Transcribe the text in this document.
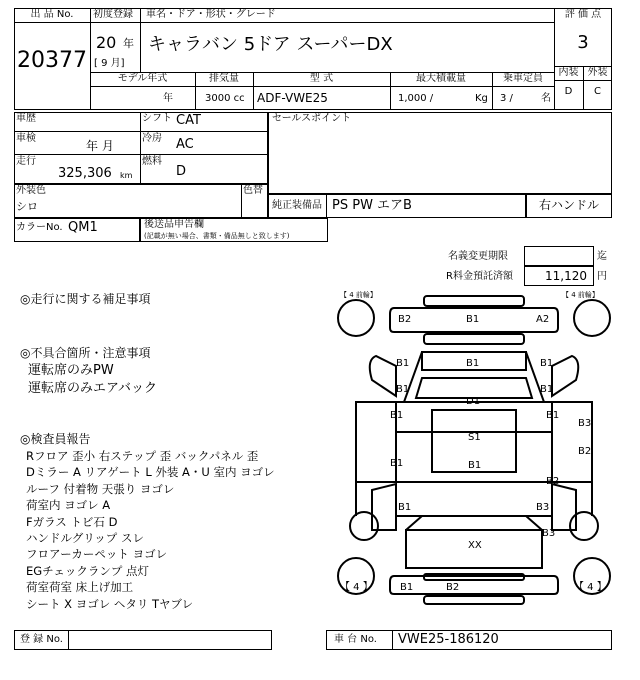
出 品 No.
20377
初度登録
20 年
[ 9 月]
車名・ドア・形状・グレード
キャラバン 5ドア スーパーDX
評 価 点
3
内装 外装
D	C
モデル年式
年
排気量
3000 cc
型 式
ADF-VWE25
最大積載量
1,000 /	Kg
乗車定員
3 /	名
車歴
車検
年 月
走行
325,306 km
シフト CAT
冷房 AC
燃料
D
セールスポイント
外装色
シロ
色替
純正装備品 PS PW エアB	右ハンドル
カラーNo. QM1	後送品申告欄
(記載が無い場合、書類・備品無しと致します)
名義変更期限	迄
R料金預託済額	11,120 円
◎走行に関する補足事項
◎不具合箇所・注意事項
運転席のみPW
運転席のみエアバック
◎検査員報告
Rフロア 歪小 右ステップ 歪 バックパネル 歪
Dミラー A リアゲート L 外装 A・U 室内 ヨゴレ
ルーフ 付着物 天張り ヨゴレ
荷室内 ヨゴレ A
Fガラス トビ石 D
ハンドルグリップ スレ
フロアーカーペット ヨゴレ
EGチェックランプ 点灯
荷室荷室 床上げ加工
シート X ヨゴレ ヘタリ Tヤブレ
【 4 前輪】	【 4 前輪】
【 4 】	【 4 】
B2	B1	A2
B1
B1
B1	B1
B1
D1
B1	B1
B3
S1
B2
B1	B1
B2
B1	B3
B3
XX
B1	B2
登 録 No.	車 台 No. VWE25-186120
